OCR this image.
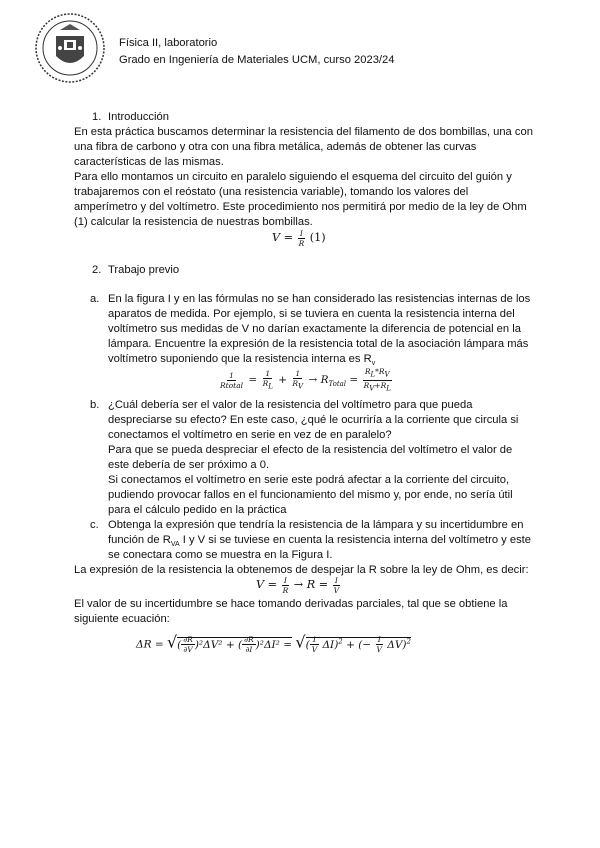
Física II, laboratorio
Grado en Ingeniería de Materiales UCM, curso 2023/24
1. Introducción
En esta práctica buscamos determinar la resistencia del filamento de dos bombillas, una con
una fibra de carbono y otra con una fibra metálica, además de obtener las curvas
características de las mismas.
Para ello montamos un circuito en paralelo siguiendo el esquema del circuito del guión y
trabajaremos con el reóstato (una resistencia variable), tomando los valores del
amperímetro y del voltímetro. Este procedimiento nos permitirá por medio de la ley de Ohm
(1) calcular la resistencia de nuestras bombillas.
$V = \frac{I}{R} (1)$
2. Trabajo previo
a. En la figura I y en las fórmulas no se han considerado las resistencias internas de los
aparatos de medida. Por ejemplo, si se tuviera en cuenta la resistencia interna del
voltímetro sus medidas de V no darían exactamente la diferencia de potencial en la
lámpara. Encuentre la expresión de la resistencia total de la asociación lámpara más
voltímetro suponiendo que la resistencia interna es $R_v$
$\frac{1}{\text{Rtotal}} = \frac{1}{R_L} + \frac{1}{R_V} \to R_{Total} = \frac{R_L*R_V}{R_V+R_L}$
b. ¿Cuál debería ser el valor de la resistencia del voltímetro para que pueda
despreciarse su efecto? En este caso, ¿qué le ocurriría a la corriente que circula si
conectamos el voltímetro en serie en vez de en paralelo?
Para que se pueda despreciar el efecto de la resistencia del voltímetro el valor de
este debería de ser próximo a 0.
Si conectamos el voltímetro en serie este podrá afectar a la corriente del circuito,
pudiendo provocar fallos en el funcionamiento del mismo y, por ende, no sería útil
para el cálculo pedido en la práctica
c. Obtenga la expresión que tendría la resistencia de la lámpara y su incertidumbre en
función de $R_{VA}$ I y V si se tuviese en cuenta la resistencia interna del voltímetro y este
se conectara como se muestra en la Figura I.
La expresión de la resistencia la obtenemos de despejar la R sobre la ley de Ohm, es decir:
$V = \frac{I}{R} \to R = \frac{I}{V}$
El valor de su incertidumbre se hace tomando derivadas parciales, tal que se obtiene la
siguiente ecuación:
ΔR = √( $\frac{\partial R}{\partial V} )^2\Delta V^2$ + ( $\frac{\partial R}{\partial I} )^2\Delta I^2$ = √( $\frac{1}{V} \Delta I)^2$ + (− $\frac{I}{V} \Delta V)^2$
